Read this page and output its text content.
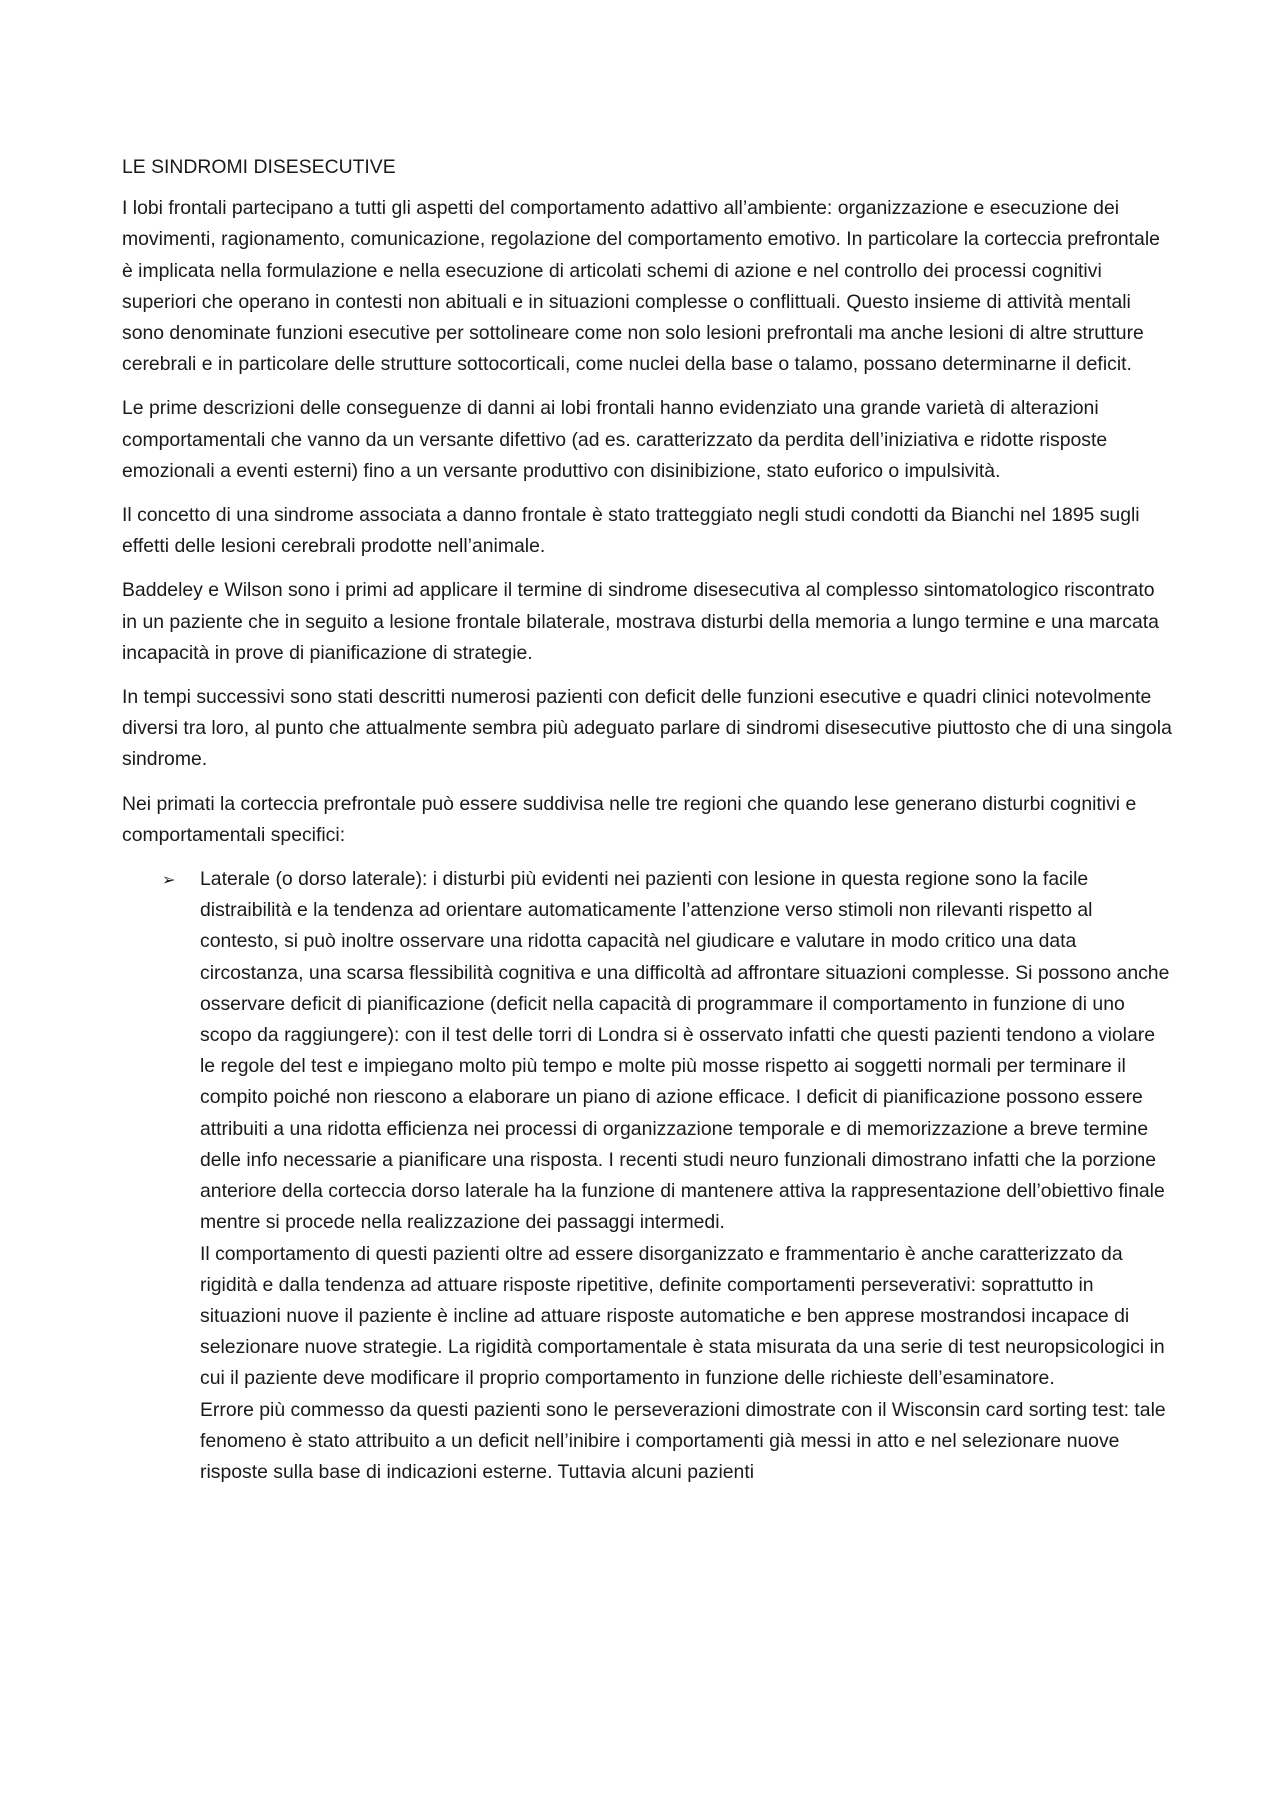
LE SINDROMI DISESECUTIVE

I lobi frontali partecipano a tutti gli aspetti del comportamento adattivo all’ambiente: organizzazione e esecuzione dei movimenti, ragionamento, comunicazione, regolazione del comportamento emotivo. In particolare la corteccia prefrontale è implicata nella formulazione e nella esecuzione di articolati schemi di azione e nel controllo dei processi cognitivi superiori che operano in contesti non abituali e in situazioni complesse o conflittuali. Questo insieme di attività mentali sono denominate funzioni esecutive per sottolineare come non solo lesioni prefrontali ma anche lesioni di altre strutture cerebrali e in particolare delle strutture sottocorticali, come nuclei della base o talamo, possano determinarne il deficit.

Le prime descrizioni delle conseguenze di danni ai lobi frontali hanno evidenziato una grande varietà di alterazioni comportamentali che vanno da un versante difettivo (ad es. caratterizzato da perdita dell’iniziativa e ridotte risposte emozionali a eventi esterni) fino a un versante produttivo con disinibizione, stato euforico o impulsività.

Il concetto di una sindrome associata a danno frontale è stato tratteggiato negli studi condotti da Bianchi nel 1895 sugli effetti delle lesioni cerebrali prodotte nell’animale.

Baddeley e Wilson sono i primi ad applicare il termine di sindrome disesecutiva al complesso sintomatologico riscontrato in un paziente che in seguito a lesione frontale bilaterale, mostrava disturbi della memoria a lungo termine e una marcata incapacità in prove di pianificazione di strategie.

In tempi successivi sono stati descritti numerosi pazienti con deficit delle funzioni esecutive e quadri clinici notevolmente diversi tra loro, al punto che attualmente sembra più adeguato parlare di sindromi disesecutive piuttosto che di una singola sindrome.

Nei primati la corteccia prefrontale può essere suddivisa nelle tre regioni che quando lese generano disturbi cognitivi e comportamentali specifici:

➢ Laterale (o dorso laterale): i disturbi più evidenti nei pazienti con lesione in questa regione sono la facile distraibilità e la tendenza ad orientare automaticamente l’attenzione verso stimoli non rilevanti rispetto al contesto, si può inoltre osservare una ridotta capacità nel giudicare e valutare in modo critico una data circostanza, una scarsa flessibilità cognitiva e una difficoltà ad affrontare situazioni complesse. Si possono anche osservare deficit di pianificazione (deficit nella capacità di programmare il comportamento in funzione di uno scopo da raggiungere): con il test delle torri di Londra si è osservato infatti che questi pazienti tendono a violare le regole del test e impiegano molto più tempo e molte più mosse rispetto ai soggetti normali per terminare il compito poiché non riescono a elaborare un piano di azione efficace. I deficit di pianificazione possono essere attribuiti a una ridotta efficienza nei processi di organizzazione temporale e di memorizzazione a breve termine delle info necessarie a pianificare una risposta. I recenti studi neuro funzionali dimostrano infatti che la porzione anteriore della corteccia dorso laterale ha la funzione di mantenere attiva la rappresentazione dell’obiettivo finale mentre si procede nella realizzazione dei passaggi intermedi.

Il comportamento di questi pazienti oltre ad essere disorganizzato e frammentario è anche caratterizzato da rigidità e dalla tendenza ad attuare risposte ripetitive, definite comportamenti perseverativi: soprattutto in situazioni nuove il paziente è incline ad attuare risposte automatiche e ben apprese mostrandosi incapace di selezionare nuove strategie. La rigidità comportamentale è stata misurata da una serie di test neuropsicologici in cui il paziente deve modificare il proprio comportamento in funzione delle richieste dell’esaminatore.

Errore più commesso da questi pazienti sono le perseverazioni dimostrate con il Wisconsin card sorting test: tale fenomeno è stato attribuito a un deficit nell’inibire i comportamenti già messi in atto e nel selezionare nuove risposte sulla base di indicazioni esterne. Tuttavia alcuni pazienti
